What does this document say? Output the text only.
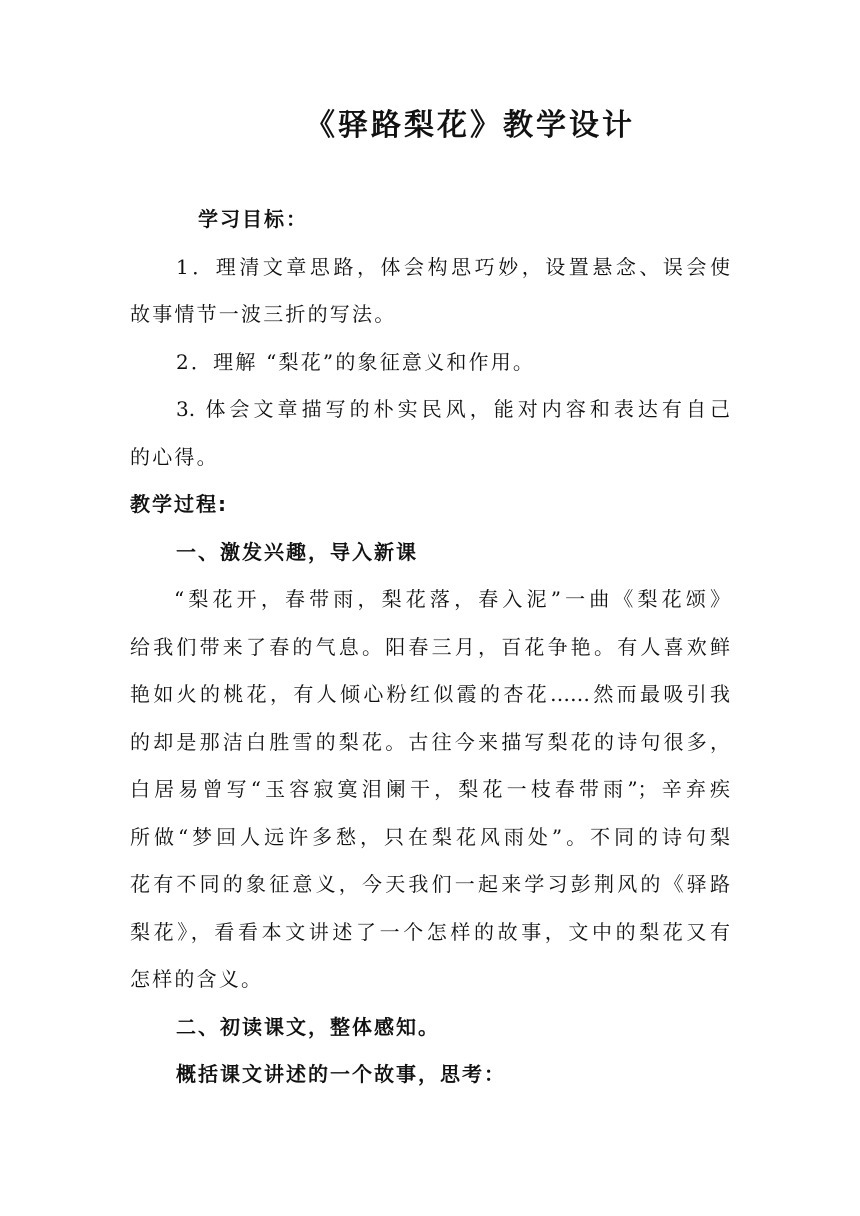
《驿路梨花》教学设计
学习目标：
1．理清文章思路，体会构思巧妙，设置悬念、误会使
故事情节一波三折的写法。
2．理解 “梨花”的象征意义和作用。
3. 体会文章描写的朴实民风，能对内容和表达有自己
的心得。
教学过程:
一、激发兴趣，导入新课
“梨花开，春带雨，梨花落，春入泥”一曲《梨花颂》
给我们带来了春的气息。阳春三月，百花争艳。有人喜欢鲜
艳如火的桃花，有人倾心粉红似霞的杏花……然而最吸引我
的却是那洁白胜雪的梨花。古往今来描写梨花的诗句很多，
白居易曾写“玉容寂寞泪阑干，梨花一枝春带雨”；辛弃疾
所做“梦回人远许多愁，只在梨花风雨处”。不同的诗句梨
花有不同的象征意义，今天我们一起来学习彭荆风的《驿路
梨花》，看看本文讲述了一个怎样的故事，文中的梨花又有
怎样的含义。
二、初读课文，整体感知。
概括课文讲述的一个故事，思考：
